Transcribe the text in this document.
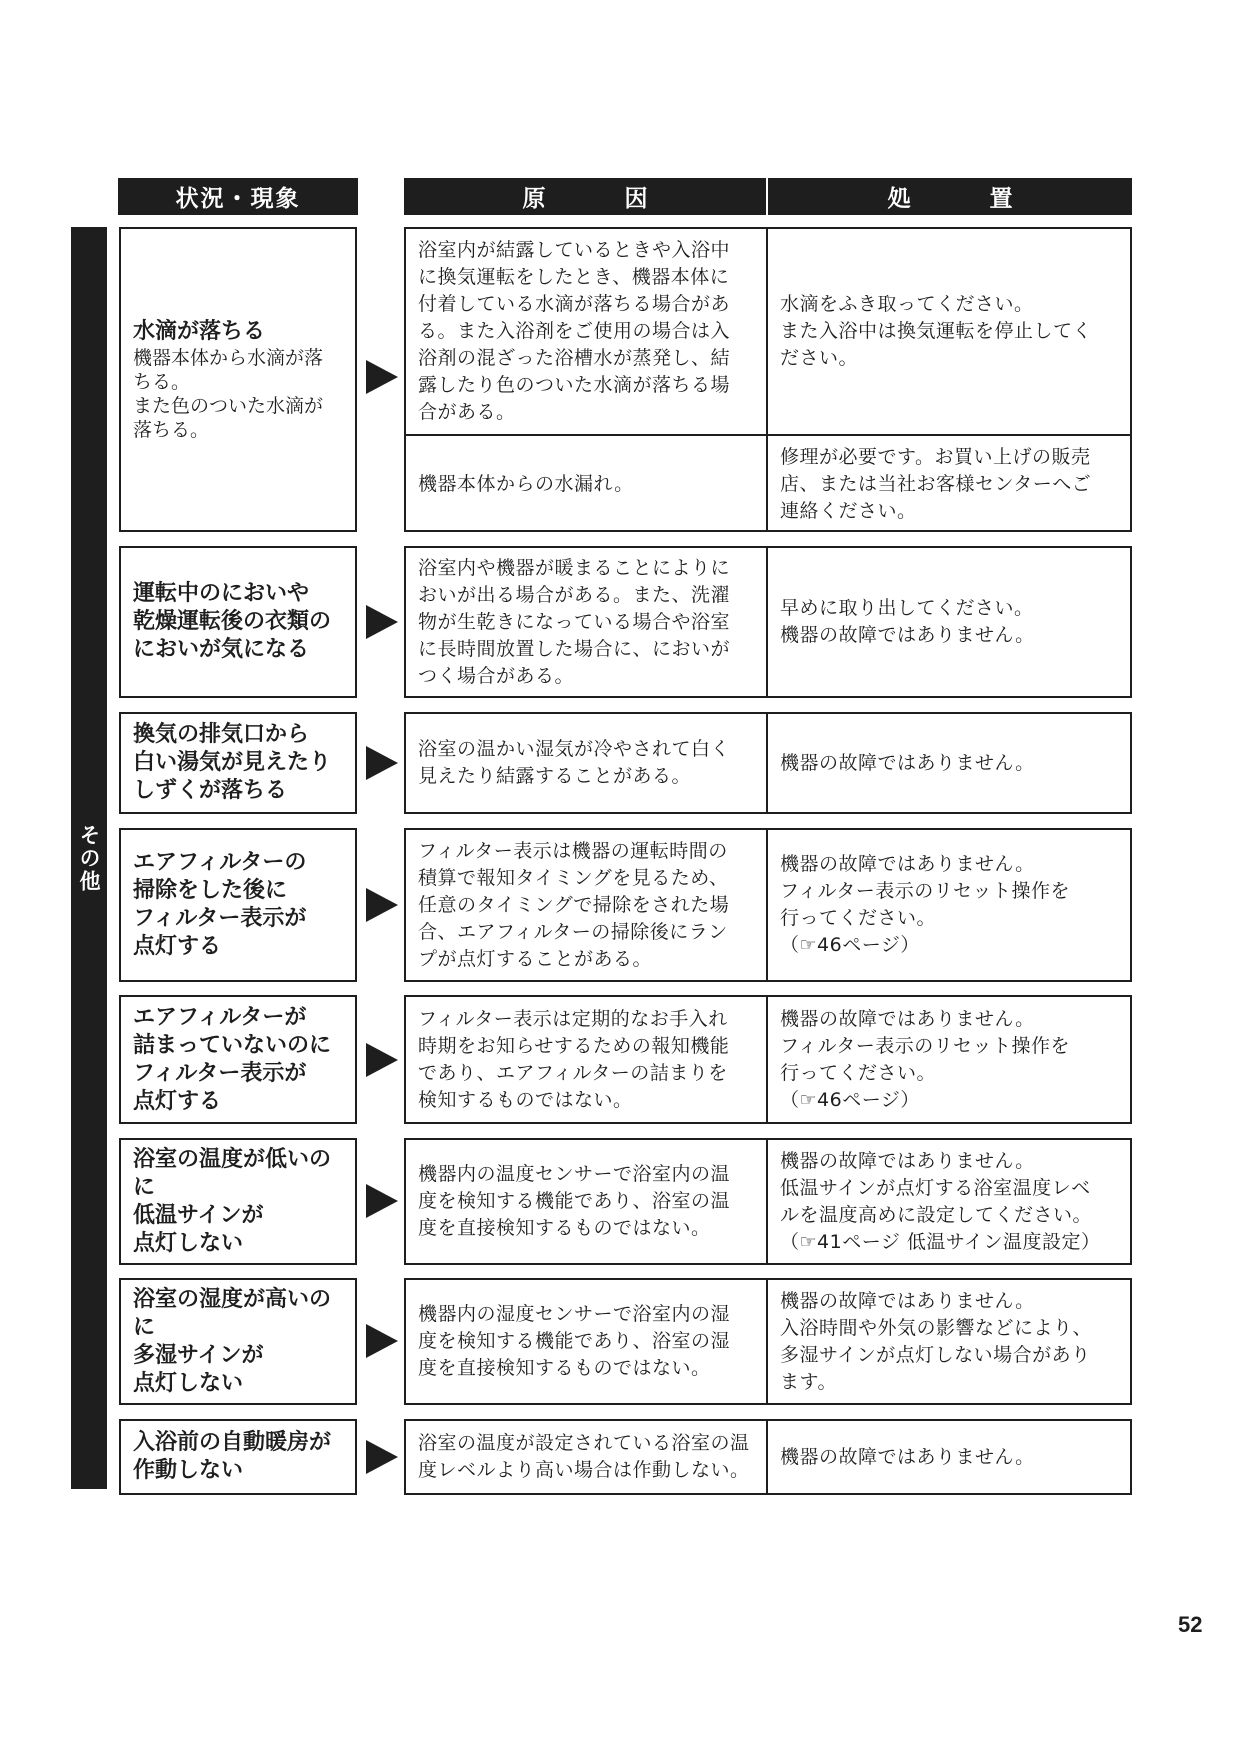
状況・現象	原　因	処　置
その他
水滴が落ちる
機器本体から水滴が落
ちる。
また色のついた水滴が
落ちる。
浴室内が結露しているときや入浴中
に換気運転をしたとき、機器本体に
付着している水滴が落ちる場合があ
る。また入浴剤をご使用の場合は入
浴剤の混ざった浴槽水が蒸発し、結
露したり色のついた水滴が落ちる場
合がある。
水滴をふき取ってください。
また入浴中は換気運転を停止してく
ださい。
機器本体からの水漏れ。
修理が必要です。お買い上げの販売
店、または当社お客様センターへご
連絡ください。
運転中のにおいや
乾燥運転後の衣類の
においが気になる
浴室内や機器が暖まることによりに
おいが出る場合がある。また、洗濯
物が生乾きになっている場合や浴室
に長時間放置した場合に、においが
つく場合がある。
早めに取り出してください。
機器の故障ではありません。
換気の排気口から
白い湯気が見えたり
しずくが落ちる
浴室の温かい湿気が冷やされて白く
見えたり結露することがある。
機器の故障ではありません。
エアフィルターの
掃除をした後に
フィルター表示が
点灯する
フィルター表示は機器の運転時間の
積算で報知タイミングを見るため、
任意のタイミングで掃除をされた場
合、エアフィルターの掃除後にラン
プが点灯することがある。
機器の故障ではありません。
フィルター表示のリセット操作を
行ってください。
（☞46ページ）
エアフィルターが
詰まっていないのに
フィルター表示が
点灯する
フィルター表示は定期的なお手入れ
時期をお知らせするための報知機能
であり、エアフィルターの詰まりを
検知するものではない。
機器の故障ではありません。
フィルター表示のリセット操作を
行ってください。
（☞46ページ）
浴室の温度が低いのに
低温サインが
点灯しない
機器内の温度センサーで浴室内の温
度を検知する機能であり、浴室の温
度を直接検知するものではない。
機器の故障ではありません。
低温サインが点灯する浴室温度レベ
ルを温度高めに設定してください。
（☞41ページ 低温サイン温度設定）
浴室の湿度が高いのに
多湿サインが
点灯しない
機器内の湿度センサーで浴室内の湿
度を検知する機能であり、浴室の湿
度を直接検知するものではない。
機器の故障ではありません。
入浴時間や外気の影響などにより、
多湿サインが点灯しない場合があり
ます。
入浴前の自動暖房が
作動しない
浴室の温度が設定されている浴室の温
度レベルより高い場合は作動しない。
機器の故障ではありません。
52
